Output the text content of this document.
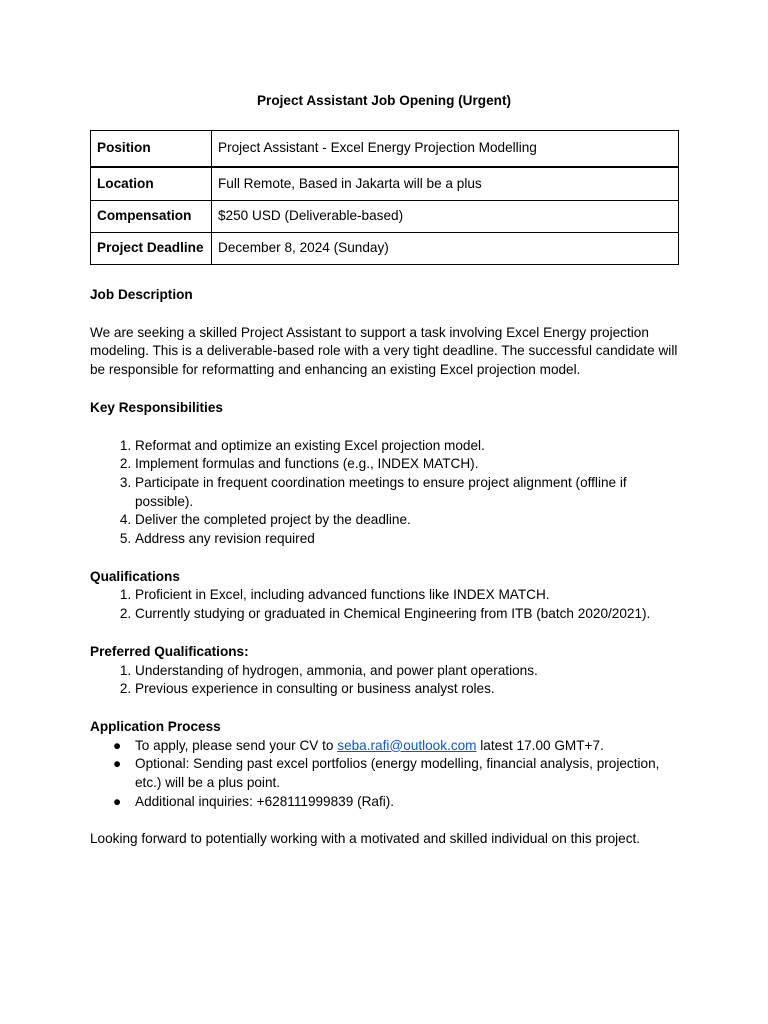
Project Assistant Job Opening (Urgent)
Position	Project Assistant - Excel Energy Projection Modelling
Location	Full Remote, Based in Jakarta will be a plus
Compensation	$250 USD (Deliverable-based)
Project Deadline	December 8, 2024 (Sunday)

Job Description

We are seeking a skilled Project Assistant to support a task involving Excel Energy projection modeling. This is a deliverable-based role with a very tight deadline. The successful candidate will be responsible for reformatting and enhancing an existing Excel projection model.

Key Responsibilities

1. Reformat and optimize an existing Excel projection model.
2. Implement formulas and functions (e.g., INDEX MATCH).
3. Participate in frequent coordination meetings to ensure project alignment (offline if possible).
4. Deliver the completed project by the deadline.
5. Address any revision required

Qualifications

1. Proficient in Excel, including advanced functions like INDEX MATCH.
2. Currently studying or graduated in Chemical Engineering from ITB (batch 2020/2021).

Preferred Qualifications:

1. Understanding of hydrogen, ammonia, and power plant operations.
2. Previous experience in consulting or business analyst roles.

Application Process

● To apply, please send your CV to seba.rafi@outlook.com latest 17.00 GMT+7.
● Optional: Sending past excel portfolios (energy modelling, financial analysis, projection, etc.) will be a plus point.
● Additional inquiries: +628111999839 (Rafi).

Looking forward to potentially working with a motivated and skilled individual on this project.
